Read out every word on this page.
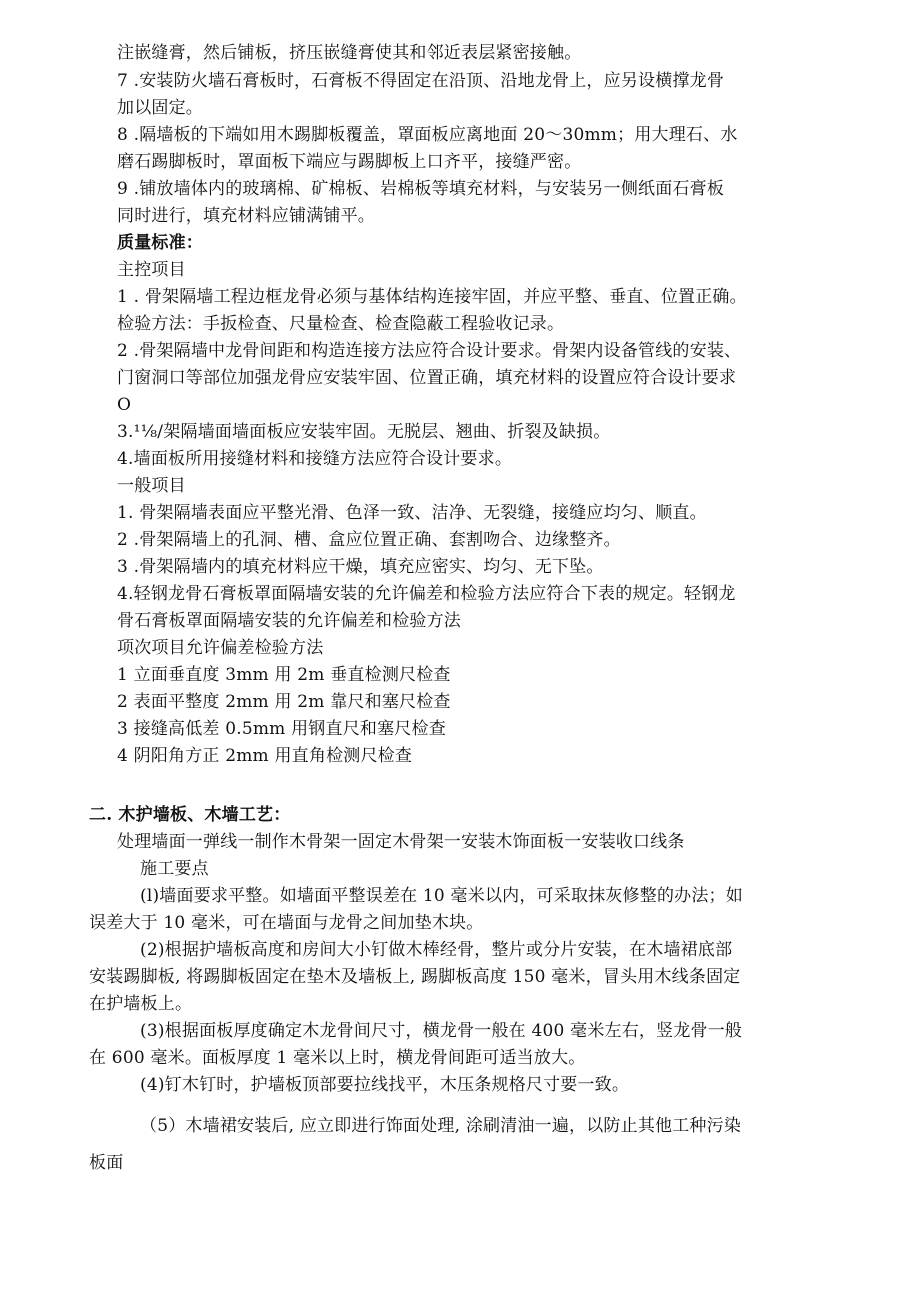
注嵌缝膏，然后铺板，挤压嵌缝膏使其和邻近表层紧密接触。
7 .安装防火墙石膏板时，石膏板不得固定在沿顶、沿地龙骨上，应另设横撑龙骨
加以固定。
8 .隔墙板的下端如用木踢脚板覆盖，罩面板应离地面 20～30mm；用大理石、水
磨石踢脚板时，罩面板下端应与踢脚板上口齐平，接缝严密。
9 .铺放墙体内的玻璃棉、矿棉板、岩棉板等填充材料，与安装另一侧纸面石膏板
同时进行，填充材料应铺满铺平。
质量标准：
主控项目
1 . 骨架隔墙工程边框龙骨必须与基体结构连接牢固，并应平整、垂直、位置正确。
检验方法：手扳检查、尺量检查、检查隐蔽工程验收记录。
2 .骨架隔墙中龙骨间距和构造连接方法应符合设计要求。骨架内设备管线的安装、
门窗洞口等部位加强龙骨应安装牢固、位置正确，填充材料的设置应符合设计要求
O
3.¹⅛/架隔墙面墙面板应安装牢固。无脱层、翘曲、折裂及缺损。
4.墙面板所用接缝材料和接缝方法应符合设计要求。
一般项目
1. 骨架隔墙表面应平整光滑、色泽一致、洁净、无裂缝，接缝应均匀、顺直。
2 .骨架隔墙上的孔洞、槽、盒应位置正确、套割吻合、边缘整齐。
3 .骨架隔墙内的填充材料应干燥，填充应密实、均匀、无下坠。
4.轻钢龙骨石膏板罩面隔墙安装的允许偏差和检验方法应符合下表的规定。轻钢龙
骨石膏板罩面隔墙安装的允许偏差和检验方法
项次项目允许偏差检验方法
1 立面垂直度 3mm 用 2m 垂直检测尺检查
2 表面平整度 2mm 用 2m 靠尺和塞尺检查
3 接缝高低差 0.5mm 用钢直尺和塞尺检查
4 阴阳角方正 2mm 用直角检测尺检查
二. 木护墙板、木墙工艺：
处理墙面一弹线一制作木骨架一固定木骨架一安装木饰面板一安装收口线条
施工要点
(l)墙面要求平整。如墙面平整误差在 10 毫米以内，可采取抹灰修整的办法；如
误差大于 10 毫米，可在墙面与龙骨之间加垫木块。
(2)根据护墙板高度和房间大小钉做木棒经骨，整片或分片安装，在木墙裙底部
安装踢脚板, 将踢脚板固定在垫木及墙板上, 踢脚板高度 150 毫米，冒头用木线条固定
在护墙板上。
(3)根据面板厚度确定木龙骨间尺寸，横龙骨一般在 400 毫米左右，竖龙骨一般
在 600 毫米。面板厚度 1 毫米以上时，横龙骨间距可适当放大。
(4)钉木钉时，护墙板顶部要拉线找平，木压条规格尺寸要一致。
（5）木墙裙安装后, 应立即进行饰面处理, 涂刷清油一遍，以防止其他工种污染
板面
